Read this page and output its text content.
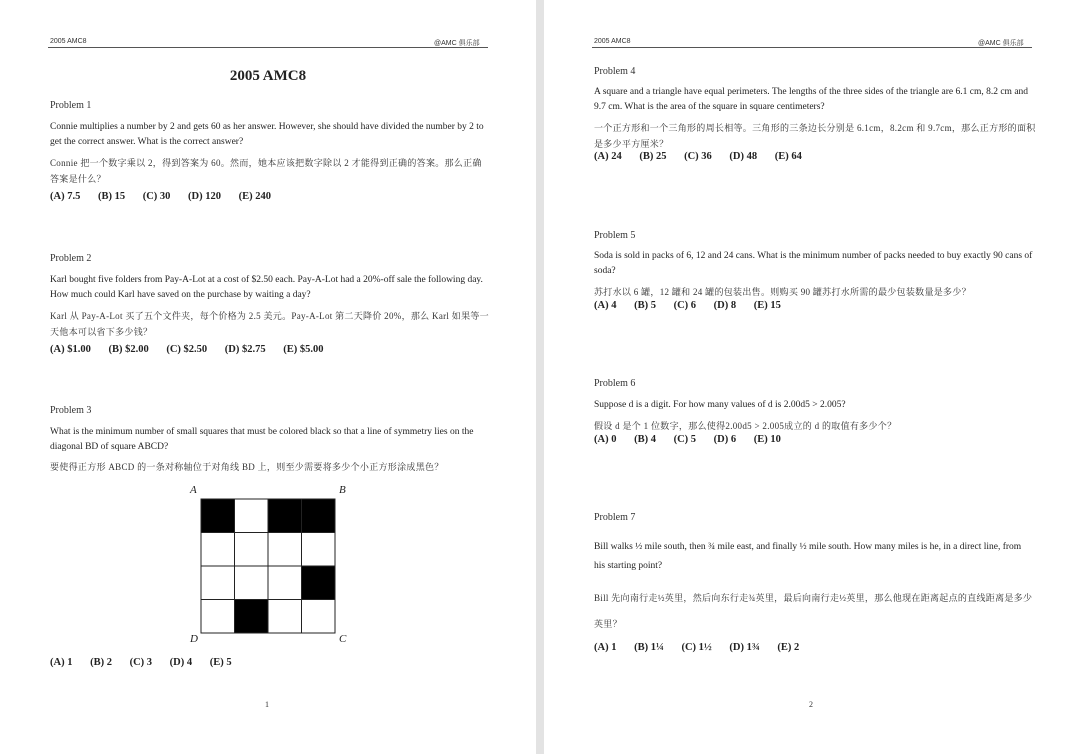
2005 AMC8	@AMC 俱乐部
2005 AMC8
Problem 1
Connie multiplies a number by 2 and gets 60 as her answer. However, she should have divided the number by 2 to get the correct answer. What is the correct answer?
Connie 把一个数字乘以 2，得到答案为 60。然而，她本应该把数字除以 2 才能得到正确的答案。那么正确答案是什么？
(A) 7.5 (B) 15 (C) 30 (D) 120 (E) 240
Problem 2
Karl bought five folders from Pay-A-Lot at a cost of $2.50 each. Pay-A-Lot had a 20%-off sale the following day. How much could Karl have saved on the purchase by waiting a day?
Karl 从 Pay-A-Lot 买了五个文件夹，每个价格为 2.5 美元。Pay-A-Lot 第二天降价 20%，那么 Karl 如果等一天他本可以省下多少钱？
(A) $1.00 (B) $2.00 (C) $2.50 (D) $2.75 (E) $5.00
Problem 3
What is the minimum number of small squares that must be colored black so that a line of symmetry lies on the diagonal BD of square ABCD?
要使得正方形 ABCD 的一条对称轴位于对角线 BD 上，则至少需要将多少个小正方形涂成黑色？
A	B
C
D
(A) 1 (B) 2 (C) 3 (D) 4 (E) 5
1
2005 AMC8	@AMC 俱乐部
Problem 4
A square and a triangle have equal perimeters. The lengths of the three sides of the triangle are 6.1 cm, 8.2 cm and 9.7 cm. What is the area of the square in square centimeters?
一个正方形和一个三角形的周长相等。三角形的三条边长分别是 6.1cm，8.2cm 和 9.7cm，那么正方形的面积是多少平方厘米？
(A) 24 (B) 25 (C) 36 (D) 48 (E) 64
Problem 5
Soda is sold in packs of 6, 12 and 24 cans. What is the minimum number of packs needed to buy exactly 90 cans of soda?
苏打水以 6 罐，12 罐和 24 罐的包装出售。则购买 90 罐苏打水所需的最少包装数量是多少？
(A) 4 (B) 5 (C) 6 (D) 8 (E) 15
Problem 6
Suppose d is a digit. For how many values of d is 2.00d5 > 2.005?
假设 d 是个 1 位数字，那么使得2.00d5 > 2.005成立的 d 的取值有多少个？
(A) 0 (B) 4 (C) 5 (D) 6 (E) 10
Problem 7
Bill walks ½ mile south, then ¾ mile east, and finally ½ mile south. How many miles is he, in a direct line, from his starting point?
Bill 先向南行走½英里，然后向东行走¾英里，最后向南行走½英里，那么他现在距离起点的直线距离是多少英里？
(A) 1 (B) 1¼ (C) 1½ (D) 1¾ (E) 2
2
